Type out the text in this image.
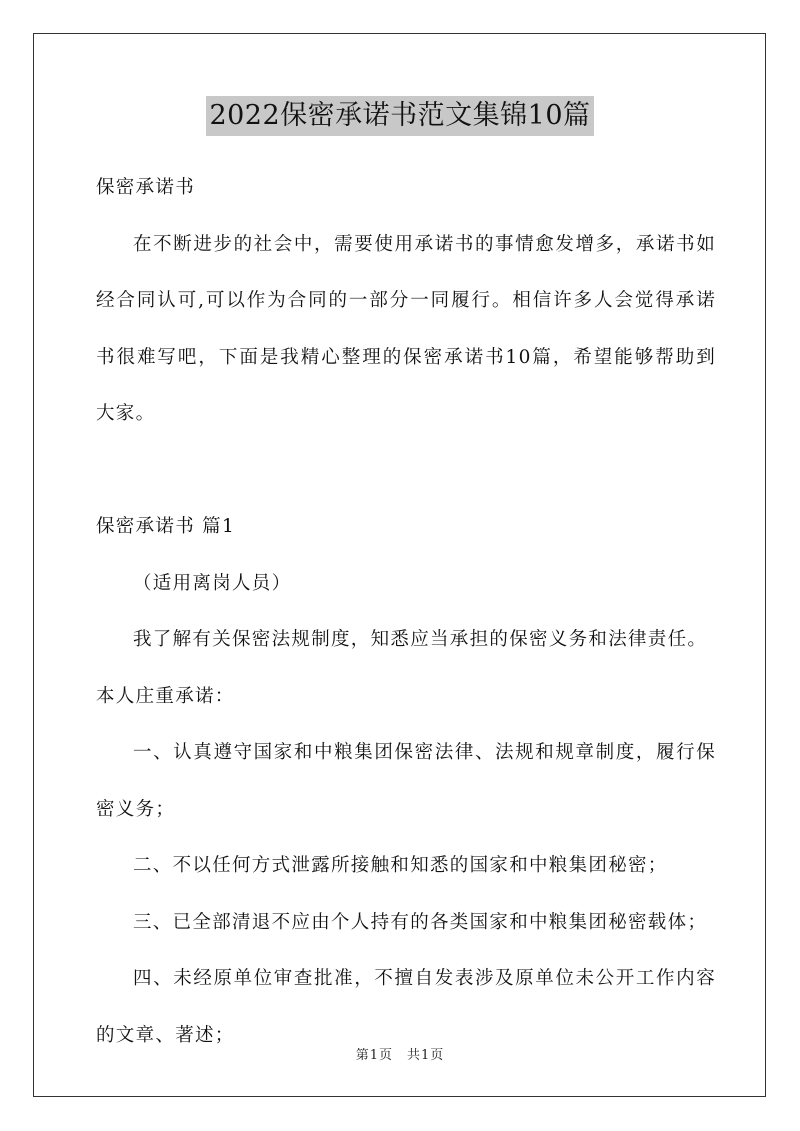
2022保密承诺书范文集锦10篇

保密承诺书

在不断进步的社会中，需要使用承诺书的事情愈发增多，承诺书如经合同认可,可以作为合同的一部分一同履行。相信许多人会觉得承诺书很难写吧，下面是我精心整理的保密承诺书10篇，希望能够帮助到大家。

保密承诺书 篇1

（适用离岗人员）

我了解有关保密法规制度，知悉应当承担的保密义务和法律责任。

本人庄重承诺：

一、认真遵守国家和中粮集团保密法律、法规和规章制度，履行保密义务；

二、不以任何方式泄露所接触和知悉的国家和中粮集团秘密；

三、已全部清退不应由个人持有的各类国家和中粮集团秘密载体；

四、未经原单位审查批准，不擅自发表涉及原单位未公开工作内容的文章、著述；

第1页　共1页
